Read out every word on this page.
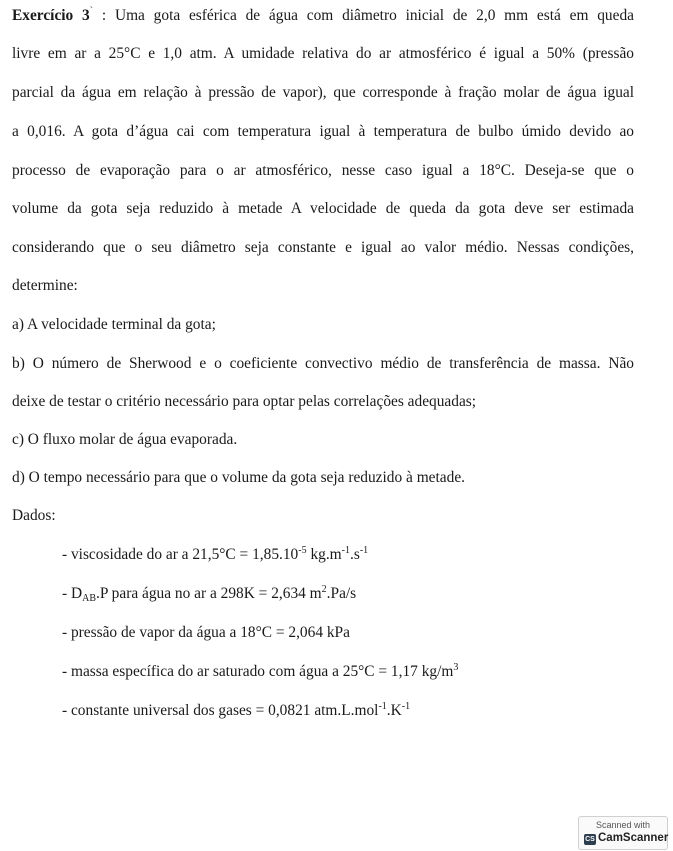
Exercício 3` : Uma gota esférica de água com diâmetro inicial de 2,0 mm está em queda
livre em ar a 25°C e 1,0 atm. A umidade relativa do ar atmosférico é igual a 50% (pressão
parcial da água em relação à pressão de vapor), que corresponde à fração molar de água igual
a 0,016. A gota d’água cai com temperatura igual à temperatura de bulbo úmido devido ao
processo de evaporação para o ar atmosférico, nesse caso igual a 18°C. Deseja-se que o
volume da gota seja reduzido à metade A velocidade de queda da gota deve ser estimada
considerando que o seu diâmetro seja constante e igual ao valor médio. Nessas condições,
determine:
a) A velocidade terminal da gota;
b) O número de Sherwood e o coeficiente convectivo médio de transferência de massa. Não
deixe de testar o critério necessário para optar pelas correlações adequadas;
c) O fluxo molar de água evaporada.
d) O tempo necessário para que o volume da gota seja reduzido à metade.
Dados:
- viscosidade do ar a $21,5^\circ C = 1,85.10^{-5}$ $kg.m^{-1}.s^{-1}$
- $D_{AB}.P$ para água no ar a 298K = 2,634 $m^2.Pa/s$
- pressão de vapor da água a 18°C = 2,064 kPa
- massa específica do ar saturado com água a 25°C = 1,17 $kg/m^3$
- constante universal dos gases = 0,0821 $atm.L.mol^{-1}.K^{-1}$
Scanned with
CS CamScanner
